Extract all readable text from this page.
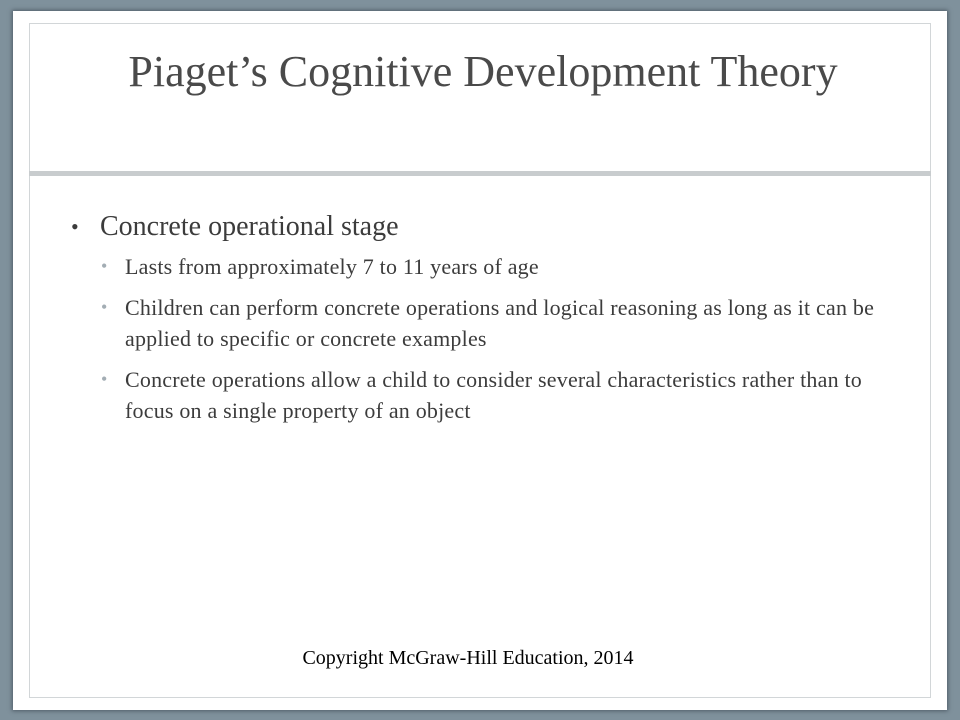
Piaget’s Cognitive Development Theory
• Concrete operational stage
• Lasts from approximately 7 to 11 years of age
• Children can perform concrete operations and logical reasoning as long as it can be applied to specific or concrete examples
• Concrete operations allow a child to consider several characteristics rather than to focus on a single property of an object
Copyright McGraw-Hill Education, 2014
